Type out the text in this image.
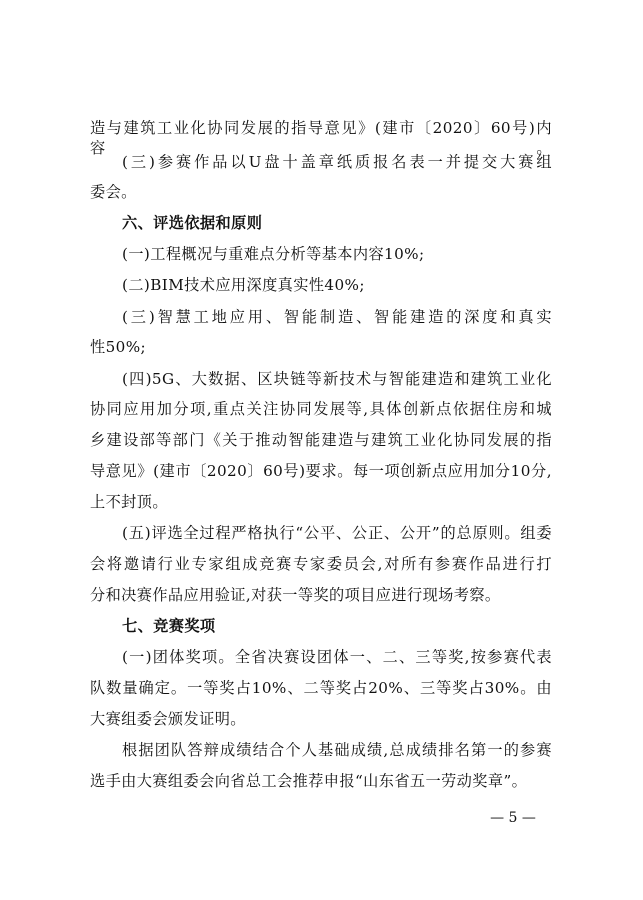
造与建筑工业化协同发展的指导意见》(建市〔2020〕60号)内容。
(三)参赛作品以U盘十盖章纸质报名表一并提交大赛组
委会。
六、评选依据和原则
(一)工程概况与重难点分析等基本内容10%;
(二)BIM技术应用深度真实性40%;
(三)智慧工地应用、智能制造、智能建造的深度和真实
性50%;
(四)5G、大数据、区块链等新技术与智能建造和建筑工业化
协同应用加分项,重点关注协同发展等,具体创新点依据住房和城
乡建设部等部门《关于推动智能建造与建筑工业化协同发展的指
导意见》(建市〔2020〕60号)要求。每一项创新点应用加分10分,
上不封顶。
(五)评选全过程严格执行“公平、公正、公开”的总原则。组委
会将邀请行业专家组成竞赛专家委员会,对所有参赛作品进行打
分和决赛作品应用验证,对获一等奖的项目应进行现场考察。
七、竞赛奖项
(一)团体奖项。全省决赛设团体一、二、三等奖,按参赛代表
队数量确定。一等奖占10%、二等奖占20%、三等奖占30%。由
大赛组委会颁发证明。
根据团队答辩成绩结合个人基础成绩,总成绩排名第一的参赛
选手由大赛组委会向省总工会推荐申报“山东省五一劳动奖章”。
— 5 —
